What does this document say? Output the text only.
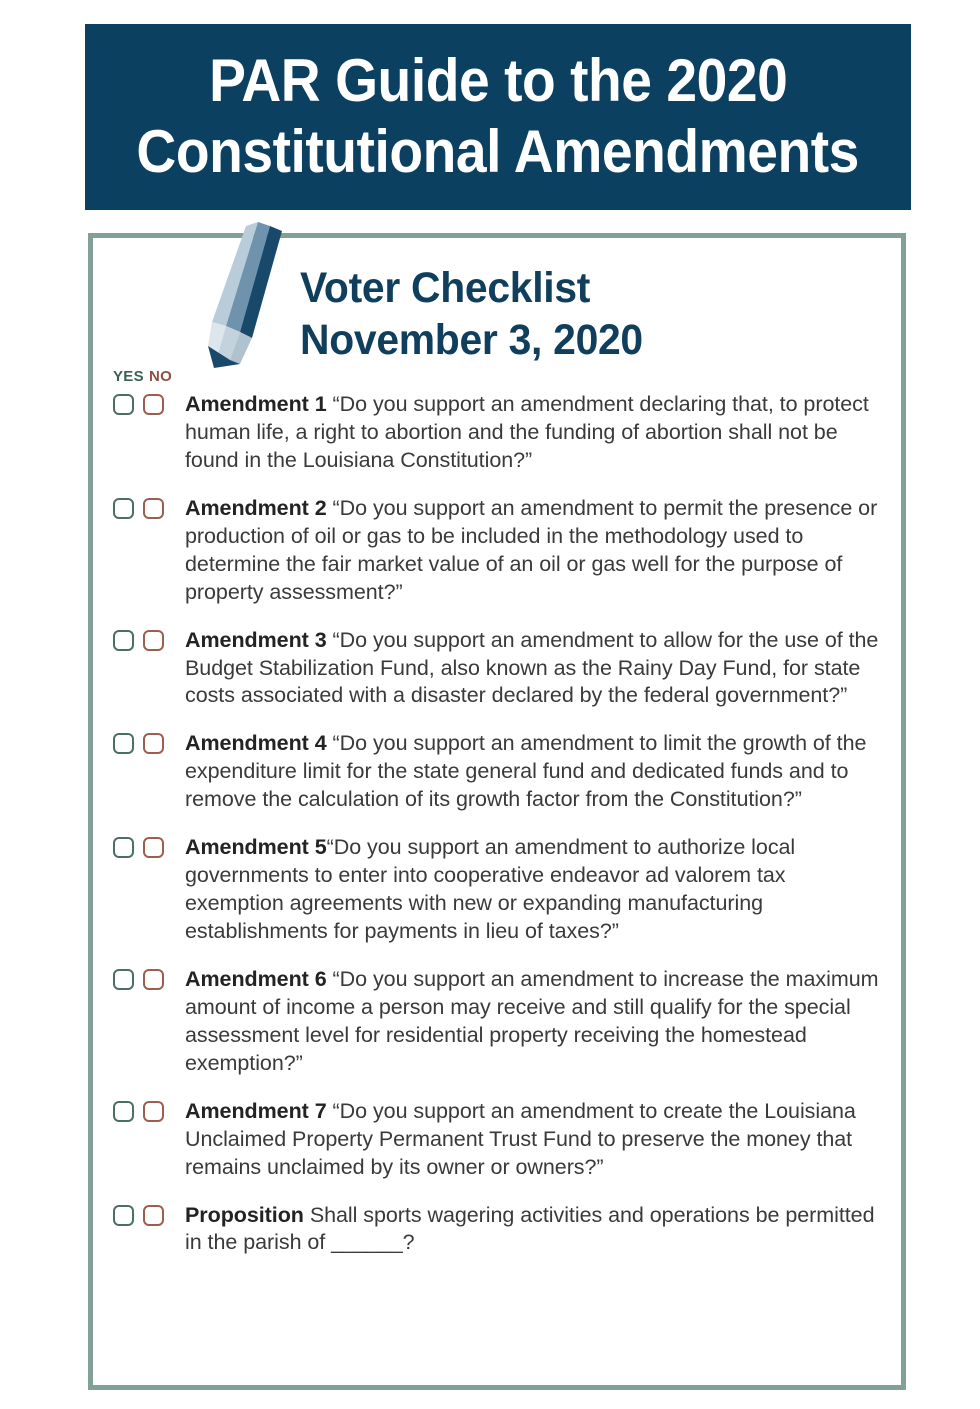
PAR Guide to the 2020
Constitutional Amendments
Voter Checklist
November 3, 2020
YES NO
Amendment 1 “Do you support an amendment declaring that, to protect human life, a right to abortion and the funding of abortion shall not be found in the Louisiana Constitution?”
Amendment 2 “Do you support an amendment to permit the presence or production of oil or gas to be included in the methodology used to determine the fair market value of an oil or gas well for the purpose of property assessment?”
Amendment 3 “Do you support an amendment to allow for the use of the Budget Stabilization Fund, also known as the Rainy Day Fund, for state costs associated with a disaster declared by the federal government?”
Amendment 4 “Do you support an amendment to limit the growth of the expenditure limit for the state general fund and dedicated funds and to remove the calculation of its growth factor from the Constitution?”
Amendment 5“Do you support an amendment to authorize local governments to enter into cooperative endeavor ad valorem tax exemption agreements with new or expanding manufacturing establishments for payments in lieu of taxes?”
Amendment 6 “Do you support an amendment to increase the maximum amount of income a person may receive and still qualify for the special assessment level for residential property receiving the homestead exemption?”
Amendment 7 “Do you support an amendment to create the Louisiana Unclaimed Property Permanent Trust Fund to preserve the money that remains unclaimed by its owner or owners?”
Proposition Shall sports wagering activities and operations be permitted in the parish of ______?
